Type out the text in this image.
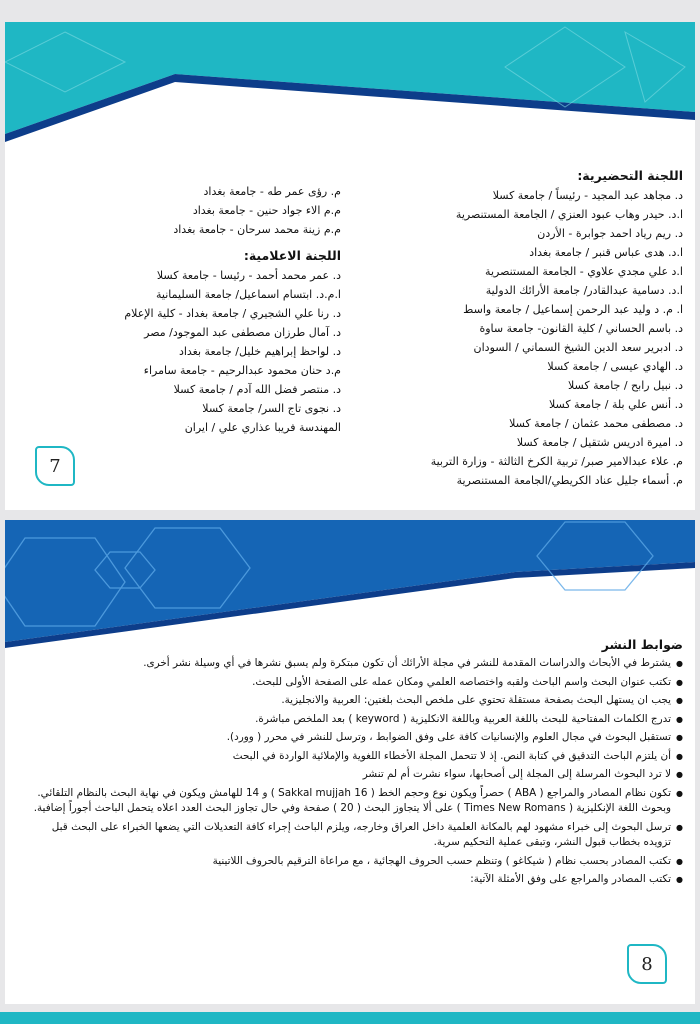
اللجنة التحضيرية:
د. مجاهد عبد المجيد - رئيساً / جامعة كسلا
ا.د. حيدر وهاب عبود العنزي / الجامعة المستنصرية
د. ريم رياد احمد جوابرة - الأردن
ا.د. هدى عباس قنبر / جامعة بغداد
ا.د علي مجدي علاوي - الجامعة المستنصرية
ا.د. دسامية عبدالقادر/ جامعة الأرائك الدولية
ا. م. د وليد عبد الرحمن إسماعيل / جامعة واسط
د. باسم الحساني / كلية القانون- جامعة ساوة
د. ادبرير سعد الدين الشيخ السماني / السودان
د. الهادي عيسى / جامعة كسلا
د. نبيل رابح / جامعة كسلا
د. أنس علي بلة / جامعة كسلا
د. مصطفى محمد عثمان / جامعة كسلا
د. اميرة ادريس شتقيل / جامعة كسلا
م. علاء عبدالامير صبر/ تربية الكرخ الثالثة - وزارة التربية
م. أسماء جليل عناد الكريطي/الجامعة المستنصرية
م. رؤى عمر طه - جامعة بغداد
م.م الاء جواد حنين - جامعة بغداد
م.م زينة محمد سرحان - جامعة بغداد
اللجنة الاعلامية:
د. عمر محمد أحمد - رئيسا - جامعة كسلا
ا.م.د. ابتسام اسماعيل/ جامعة السليمانية
د. رنا علي الشجيري / جامعة بغداد - كلية الإعلام
د. آمال طرزان مصطفى عبد الموجود/ مصر
د. لواحظ إبراهيم خليل/ جامعة بغداد
م.د حنان محمود عبدالرحيم - جامعة سامراء
د. منتصر فضل الله آدم / جامعة كسلا
د. نجوى تاج السر/ جامعة كسلا
المهندسة فريبا عذاري علي / ايران
7
ضوابط النشر
● يشترط في الأبحاث والدراسات المقدمة للنشر في مجلة الأرائك أن تكون مبتكرة ولم يسبق نشرها في أي وسيلة نشر أخرى.
● تكتب عنوان البحث واسم الباحث ولقبه واختصاصه العلمي ومكان عمله على الصفحة الأولى للبحث.
● يجب ان يستهل البحث بصفحة مستقلة تحتوي على ملخص البحث بلغتين: العربية والانجليزية.
● تدرج الكلمات المفتاحية للبحث باللغة العربية وباللغة الانكليزية ( keyword ) بعد الملخص مباشرة.
● تستقبل البحوث في مجال العلوم والإنسانيات كافة على وفق الضوابط ، وترسل للنشر في محرر ( وورد).
● أن يلتزم الباحث التدقيق في كتابة النص. إذ لا تتحمل المجلة الأخطاء اللغوية والإملائية الواردة في البحث
● لا ترد البحوث المرسلة إلى المجلة إلى أصحابها، سواء نشرت أم لم تنشر
● تكون نظام المصادر والمراجع ( ABA ) حصراً ويكون نوع وحجم الخط ( Sakkal mujjah 16 ) و 14 للهامش ويكون في نهاية البحث بالنظام التلقائي. وبحوث اللغة الإنكليزية ( Times New Romans ) على ألا يتجاوز البحث ( 20 ) صفحة وفي حال تجاوز البحث العدد اعلاه يتحمل الباحث أجوراً إضافية.
● ترسل البحوث إلى خبراء مشهود لهم بالمكانة العلمية داخل العراق وخارجه، ويلزم الباحث إجراء كافة التعديلات التي يضعها الخبراء على البحث قبل تزويده بخطاب قبول النشر، وتبقى عملية التحكيم سرية.
● تكتب المصادر بحسب نظام ( شيكاغو ) وتنظم حسب الحروف الهجائية ، مع مراعاة الترقيم بالحروف اللاتينية
● تكتب المصادر والمراجع على وفق الأمثلة الآتية:
8
